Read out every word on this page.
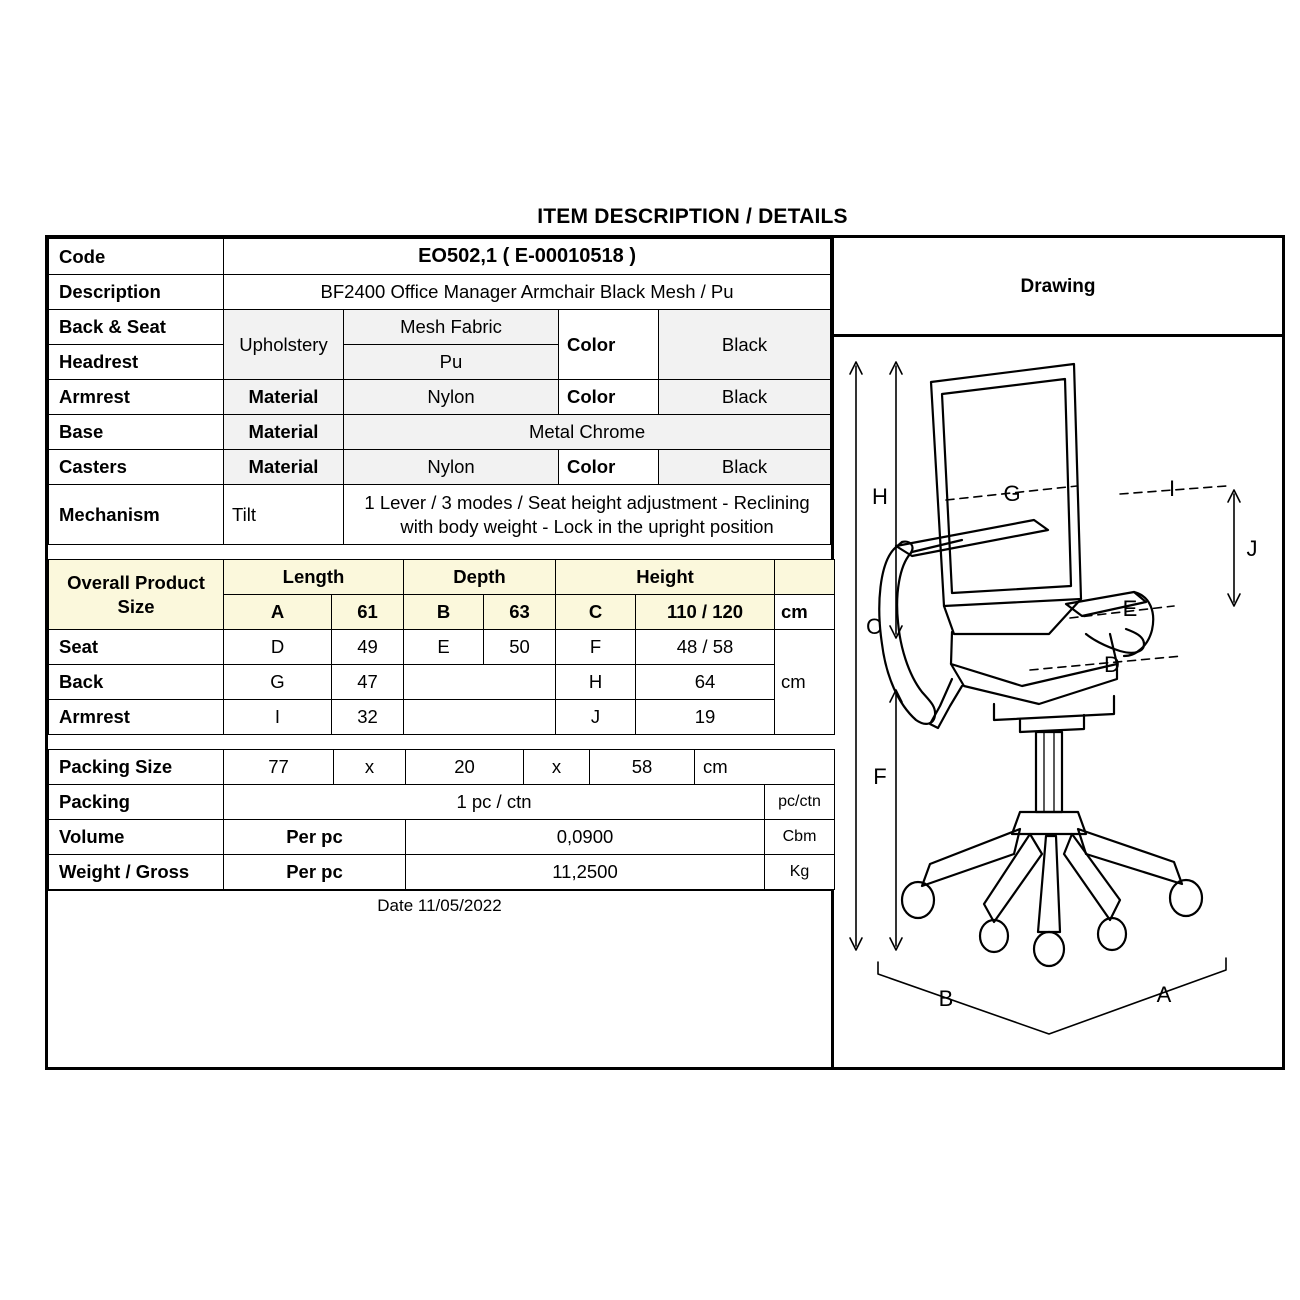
ITEM DESCRIPTION / DETAILS
Code	EO502,1 ( E-00010518 )			
Description	BF2400 Office Manager Armchair Black Mesh / Pu			
Back & Seat	Upholstery	Mesh Fabric	Color	Black
Headrest		Pu		
Armrest	Material	Nylon	Color	Black
Base	Material	Metal Chrome		
Casters	Material	Nylon	Color	Black
Mechanism	Tilt	1 Lever / 3 modes / Seat height adjustment - Reclining with body weight - Lock in the upright position		

Overall Product Size	Length		Depth		Height		
	A	61	B	63	C	110 / 120	cm
Seat	D	49	E	50	F	48 / 58	
Back	G	47			H	64	cm
Armrest	I	32			J	19	

Packing Size	77	x	20	x	58	cm	
Packing	1 pc / ctn						pc/ctn
Volume	Per pc		0,0900				Cbm
Weight / Gross	Per pc		11,2500				Kg
Date 11/05/2022
Drawing
C
H
F
G	I
J
E
D
B	A
